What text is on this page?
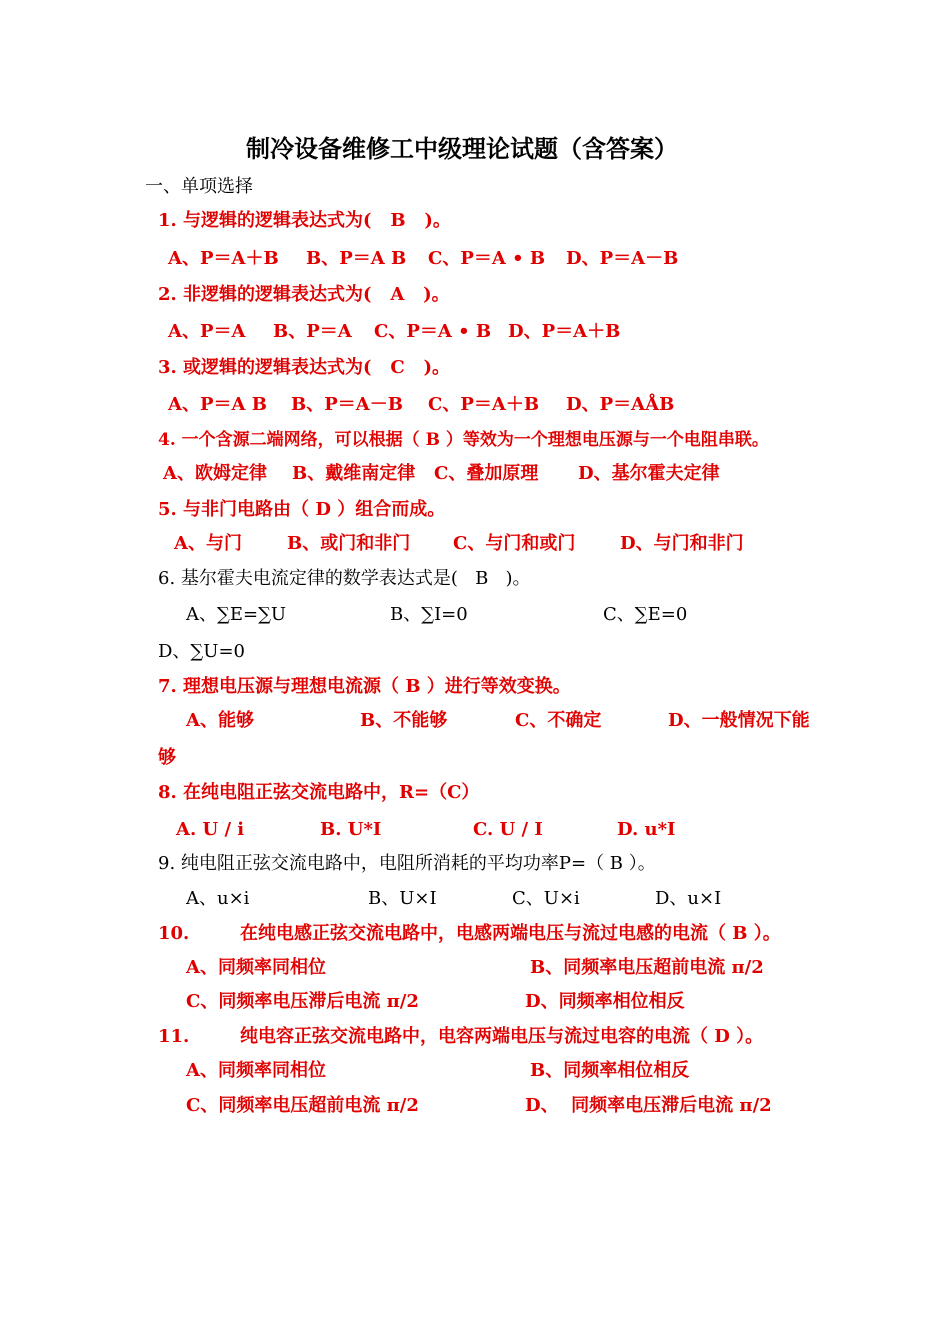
制冷设备维修工中级理论试题（含答案）
一、单项选择
1. 与逻辑的逻辑表达式为(   B   )。
A、P＝A＋B B、P＝A B C、P＝A • B D、P＝A－B
2. 非逻辑的逻辑表达式为(   A   )。
A、P＝A B、P＝A C、P＝A • B D、P＝A＋B
3. 或逻辑的逻辑表达式为(   C   )。
A、P＝A B B、P＝A－B C、P＝A＋B D、P＝AÅB
4. 一个含源二端网络，可以根据（ B ）等效为一个理想电压源与一个电阻串联。
A、欧姆定律 B、戴维南定律 C、叠加原理 D、基尔霍夫定律
5. 与非门电路由（ D ）组合而成。
A、与门	B、或门和非门 C、与门和或门 D、与门和非门
6. 基尔霍夫电流定律的数学表达式是(   B   )。
A、∑E=∑U	B、∑I=0	C、∑E=0
D、∑U=0
7. 理想电压源与理想电流源（ B ）进行等效变换。
A、能够	B、不能够	C、不确定	D、一般情况下能
够
8. 在纯电阻正弦交流电路中，R=（C）
A. U / i	B. U*I	C. U / I	D. u*I
9. 纯电阻正弦交流电路中，电阻所消耗的平均功率P=（ B ）。
A、u×i	B、U×I	C、U×i	D、u×I
10.	在纯电感正弦交流电路中，电感两端电压与流过电感的电流（ B ）。
A、同频率同相位	B、同频率电压超前电流 π/2
C、同频率电压滞后电流 π/2	D、同频率相位相反
11.	纯电容正弦交流电路中，电容两端电压与流过电容的电流（ D ）。
A、同频率同相位	B、同频率相位相反
C、同频率电压超前电流 π/2	D、  同频率电压滞后电流 π/2
